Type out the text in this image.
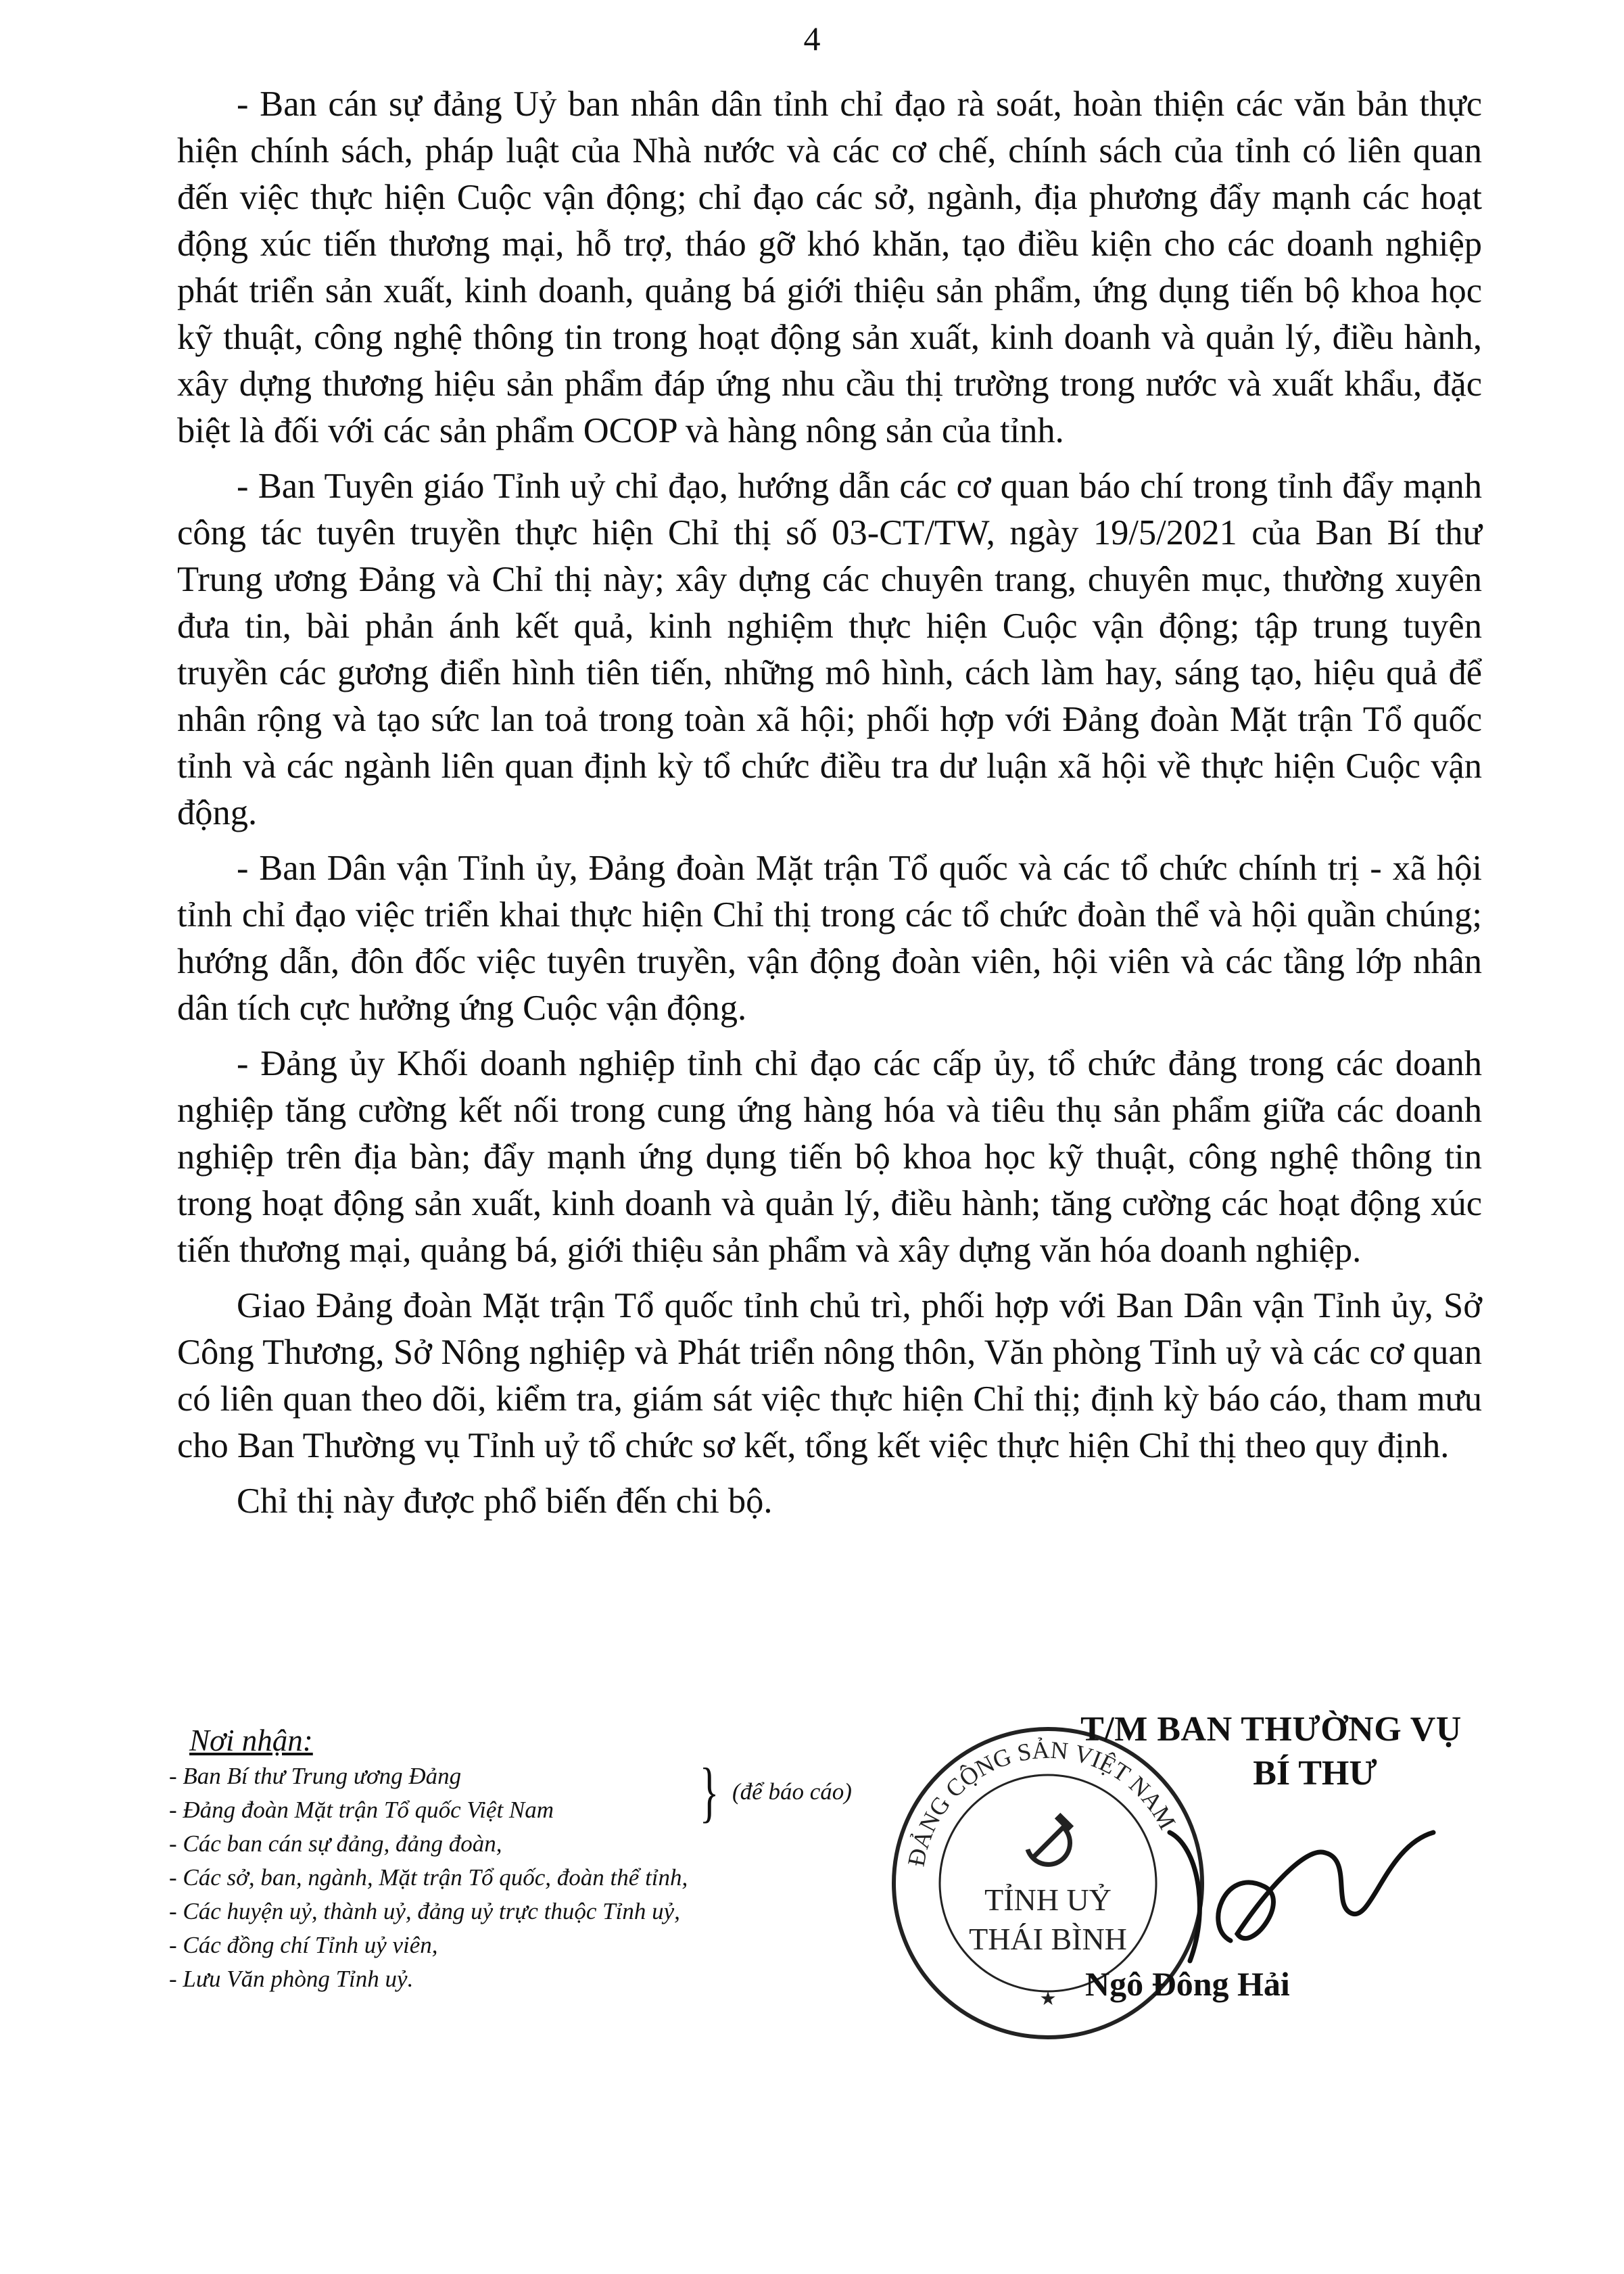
4

- Ban cán sự đảng Uỷ ban nhân dân tỉnh chỉ đạo rà soát, hoàn thiện các văn bản thực hiện chính sách, pháp luật của Nhà nước và các cơ chế, chính sách của tỉnh có liên quan đến việc thực hiện Cuộc vận động; chỉ đạo các sở, ngành, địa phương đẩy mạnh các hoạt động xúc tiến thương mại, hỗ trợ, tháo gỡ khó khăn, tạo điều kiện cho các doanh nghiệp phát triển sản xuất, kinh doanh, quảng bá giới thiệu sản phẩm, ứng dụng tiến bộ khoa học kỹ thuật, công nghệ thông tin trong hoạt động sản xuất, kinh doanh và quản lý, điều hành, xây dựng thương hiệu sản phẩm đáp ứng nhu cầu thị trường trong nước và xuất khẩu, đặc biệt là đối với các sản phẩm OCOP và hàng nông sản của tỉnh.

- Ban Tuyên giáo Tỉnh uỷ chỉ đạo, hướng dẫn các cơ quan báo chí trong tỉnh đẩy mạnh công tác tuyên truyền thực hiện Chỉ thị số 03-CT/TW, ngày 19/5/2021 của Ban Bí thư Trung ương Đảng và Chỉ thị này; xây dựng các chuyên trang, chuyên mục, thường xuyên đưa tin, bài phản ánh kết quả, kinh nghiệm thực hiện Cuộc vận động; tập trung tuyên truyền các gương điển hình tiên tiến, những mô hình, cách làm hay, sáng tạo, hiệu quả để nhân rộng và tạo sức lan toả trong toàn xã hội; phối hợp với Đảng đoàn Mặt trận Tổ quốc tỉnh và các ngành liên quan định kỳ tổ chức điều tra dư luận xã hội về thực hiện Cuộc vận động.

- Ban Dân vận Tỉnh ủy, Đảng đoàn Mặt trận Tổ quốc và các tổ chức chính trị - xã hội tỉnh chỉ đạo việc triển khai thực hiện Chỉ thị trong các tổ chức đoàn thể và hội quần chúng; hướng dẫn, đôn đốc việc tuyên truyền, vận động đoàn viên, hội viên và các tầng lớp nhân dân tích cực hưởng ứng Cuộc vận động.

- Đảng ủy Khối doanh nghiệp tỉnh chỉ đạo các cấp ủy, tổ chức đảng trong các doanh nghiệp tăng cường kết nối trong cung ứng hàng hóa và tiêu thụ sản phẩm giữa các doanh nghiệp trên địa bàn; đẩy mạnh ứng dụng tiến bộ khoa học kỹ thuật, công nghệ thông tin trong hoạt động sản xuất, kinh doanh và quản lý, điều hành; tăng cường các hoạt động xúc tiến thương mại, quảng bá, giới thiệu sản phẩm và xây dựng văn hóa doanh nghiệp.

Giao Đảng đoàn Mặt trận Tổ quốc tỉnh chủ trì, phối hợp với Ban Dân vận Tỉnh ủy, Sở Công Thương, Sở Nông nghiệp và Phát triển nông thôn, Văn phòng Tỉnh uỷ và các cơ quan có liên quan theo dõi, kiểm tra, giám sát việc thực hiện Chỉ thị; định kỳ báo cáo, tham mưu cho Ban Thường vụ Tỉnh uỷ tổ chức sơ kết, tổng kết việc thực hiện Chỉ thị theo quy định.

Chỉ thị này được phổ biến đến chi bộ.

Nơi nhận:
- Ban Bí thư Trung ương Đảng
- Đảng đoàn Mặt trận Tổ quốc Việt Nam
- Các ban cán sự đảng, đảng đoàn,
- Các sở, ban, ngành, Mặt trận Tổ quốc, đoàn thể tỉnh,
- Các huyện uỷ, thành uỷ, đảng uỷ trực thuộc Tỉnh uỷ,
- Các đồng chí Tỉnh uỷ viên,
- Lưu Văn phòng Tỉnh uỷ.
} (để báo cáo)
ĐẢNG CỘNG SẢN VIỆT NAM
TỈNH UỶ
THÁI BÌNH
★
T/M BAN THƯỜNG VỤ
BÍ THƯ
Ngô Đông Hải
